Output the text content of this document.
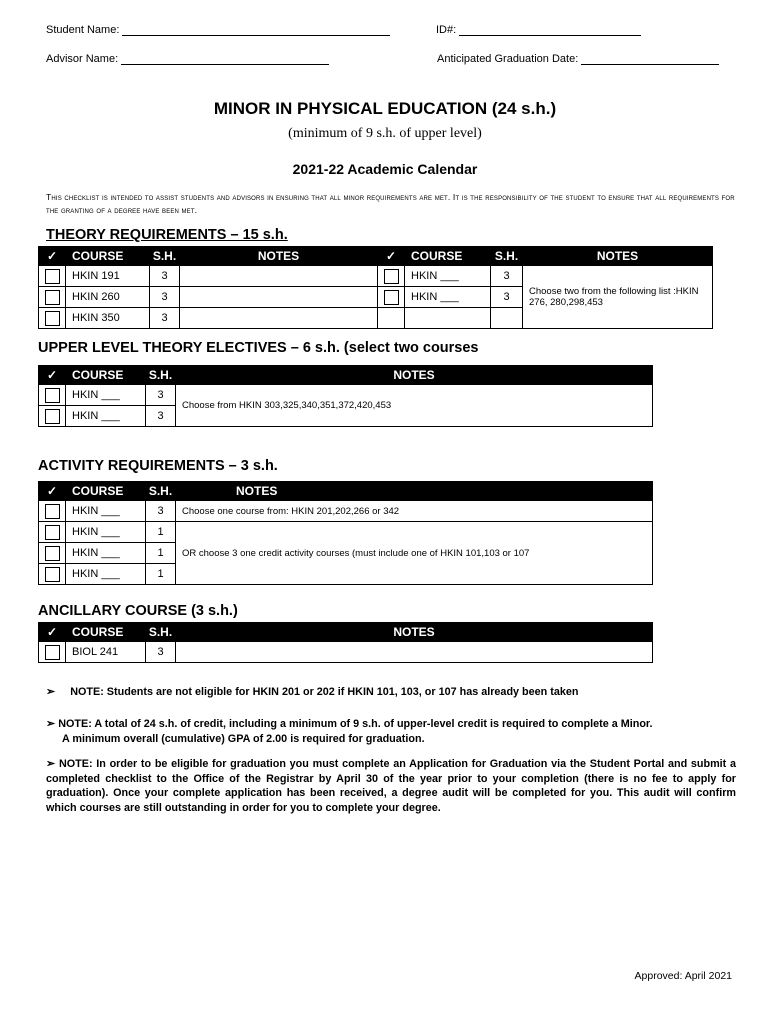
Student Name:	ID#:
Advisor Name:	Anticipated Graduation Date:
MINOR IN PHYSICAL EDUCATION (24 s.h.)
(minimum of 9 s.h. of upper level)
2021-22 Academic Calendar
This checklist is intended to assist students and advisors in ensuring that all minor requirements are met. It is the responsibility of the student to ensure that all requirements for the granting of a degree have been met.
THEORY REQUIREMENTS – 15 s.h.
✓	COURSE	S.H.	NOTES	✓	COURSE	S.H.	NOTES
	HKIN 191	3			HKIN ___	3	Choose two from the following list :HKIN 276, 280,298,453
	HKIN 260	3			HKIN ___	3	
	HKIN 350	3					
UPPER LEVEL THEORY ELECTIVES – 6 s.h. (select two courses
✓	COURSE	S.H.	NOTES
	HKIN ___	3	Choose from HKIN 303,325,340,351,372,420,453
	HKIN ___	3	
ACTIVITY REQUIREMENTS – 3 s.h.
✓	COURSE	S.H.	NOTES
	HKIN ___	3	Choose one course from: HKIN 201,202,266 or 342
	HKIN ___	1	OR choose 3 one credit activity courses (must include one of HKIN 101,103 or 107
	HKIN ___	1	
	HKIN ___	1	
ANCILLARY COURSE (3 s.h.)
✓	COURSE	S.H.	NOTES
	BIOL 241	3	
➢ NOTE: Students are not eligible for HKIN 201 or 202 if HKIN 101, 103, or 107 has already been taken
➢ NOTE: A total of 24 s.h. of credit, including a minimum of 9 s.h. of upper-level credit is required to complete a Minor.
A minimum overall (cumulative) GPA of 2.00 is required for graduation.
➢ NOTE: In order to be eligible for graduation you must complete an Application for Graduation via the Student Portal and submit a completed checklist to the Office of the Registrar by April 30 of the year prior to your completion (there is no fee to apply for graduation). Once your complete application has been received, a degree audit will be completed for you. This audit will confirm which courses are still outstanding in order for you to complete your degree.
Approved: April 2021
